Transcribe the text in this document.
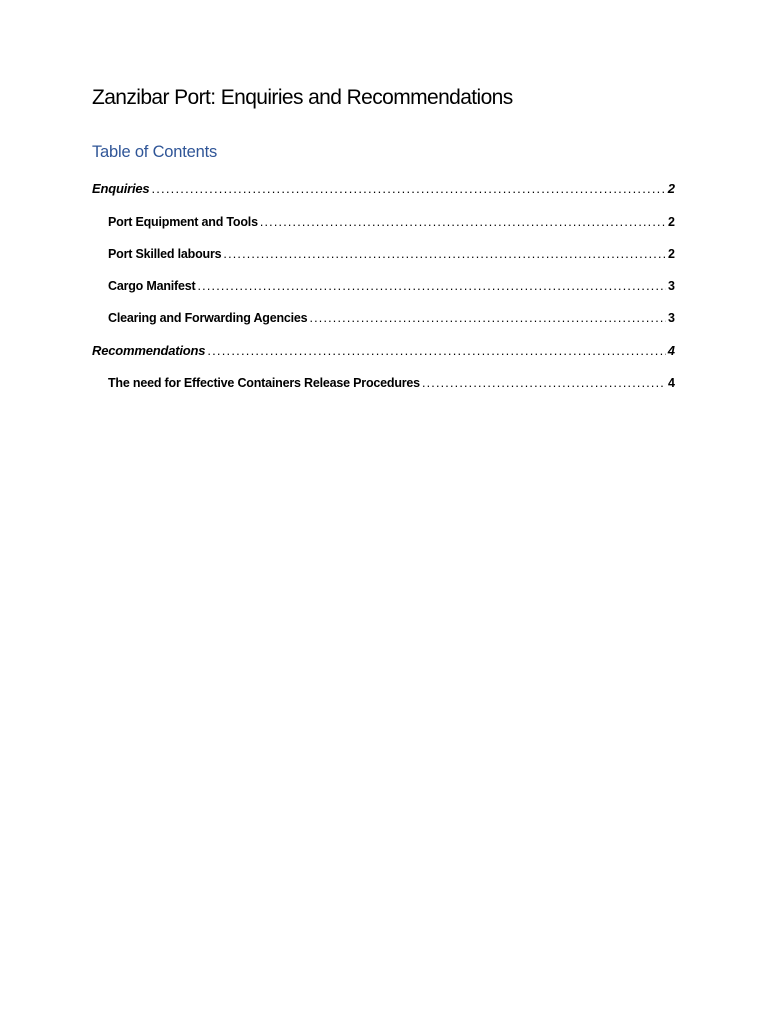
Zanzibar Port: Enquiries and Recommendations
Table of Contents
Enquiries .....	2
Port Equipment and Tools .....	2
Port Skilled labours .....	2
Cargo Manifest .....	3
Clearing and Forwarding Agencies .....	3
Recommendations .....	4
The need for Effective Containers Release Procedures .....	4
